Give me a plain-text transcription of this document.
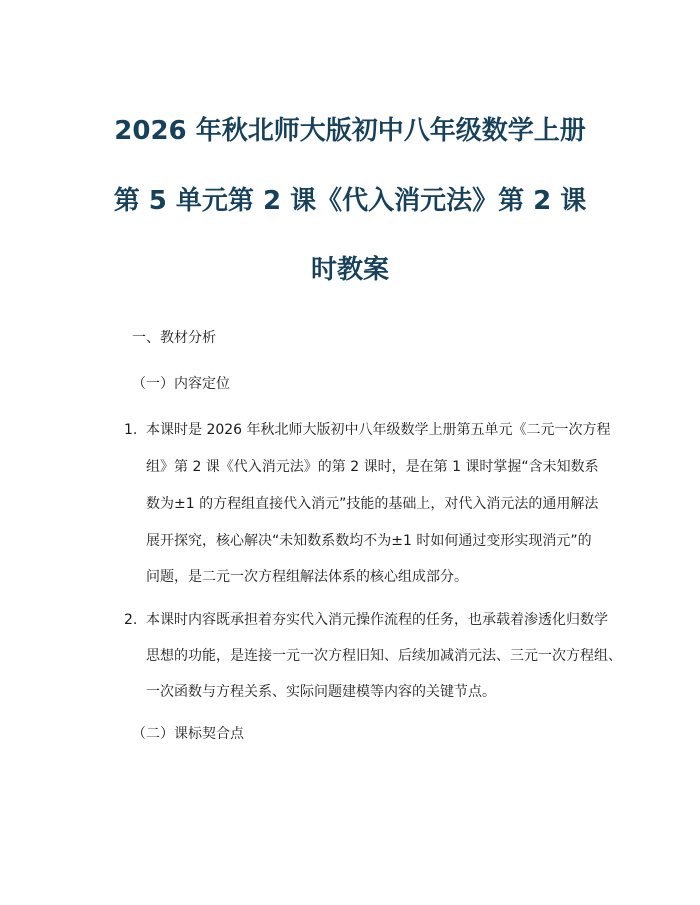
2026 年秋北师大版初中八年级数学上册
第 5 单元第 2 课《代入消元法》第 2 课
时教案
一、教材分析
（一）内容定位
1. 本课时是 2026 年秋北师大版初中八年级数学上册第五单元《二元一次方程
组》第 2 课《代入消元法》的第 2 课时，是在第 1 课时掌握“含未知数系
数为±1 的方程组直接代入消元”技能的基础上，对代入消元法的通用解法
展开探究，核心解决“未知数系数均不为±1 时如何通过变形实现消元”的
问题，是二元一次方程组解法体系的核心组成部分。
2. 本课时内容既承担着夯实代入消元操作流程的任务，也承载着渗透化归数学
思想的功能，是连接一元一次方程旧知、后续加减消元法、三元一次方程组、
一次函数与方程关系、实际问题建模等内容的关键节点。
（二）课标契合点
